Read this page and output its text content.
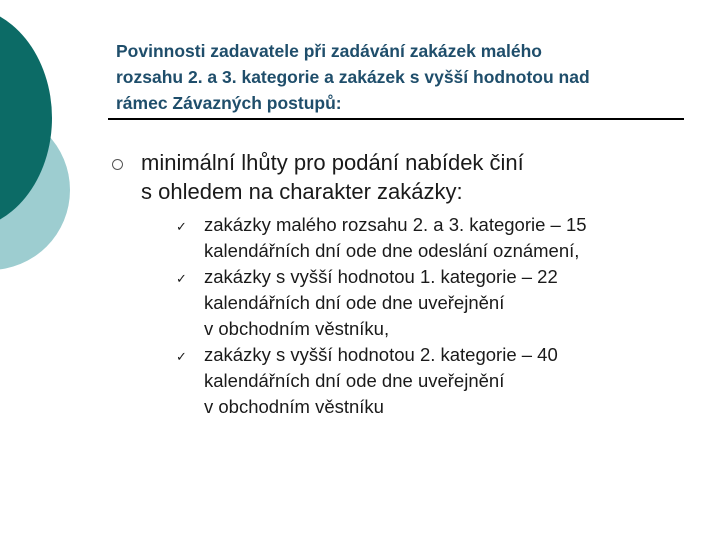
Povinnosti zadavatele při zadávání zakázek malého
rozsahu 2. a 3. kategorie a zakázek s vyšší hodnotou nad
rámec Závazných postupů:
minimální lhůty pro podání nabídek činí
s ohledem na charakter zakázky:
✓ zakázky malého rozsahu 2. a 3. kategorie – 15
kalendářních dní ode dne odeslání oznámení,
✓ zakázky s vyšší hodnotou 1. kategorie – 22
kalendářních dní ode dne uveřejnění
v obchodním věstníku,
✓ zakázky s vyšší hodnotou 2. kategorie – 40
kalendářních dní ode dne uveřejnění
v obchodním věstníku
